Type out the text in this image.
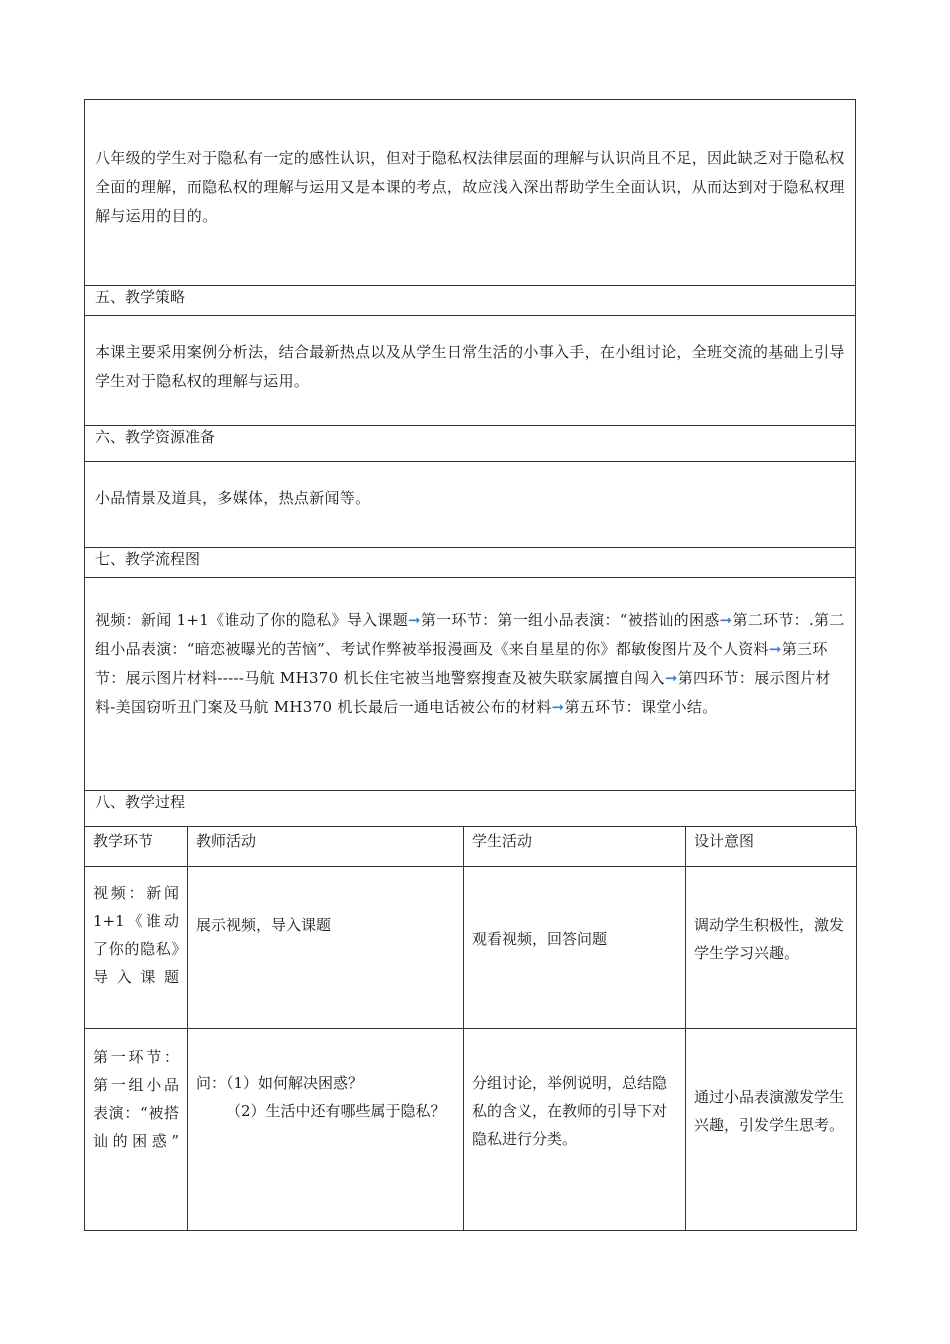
八年级的学生对于隐私有一定的感性认识，但对于隐私权法律层面的理解与认识尚且不足，因此缺乏对于隐私权全面的理解，而隐私权的理解与运用又是本课的考点，故应浅入深出帮助学生全面认识，从而达到对于隐私权理解与运用的目的。
五、教学策略
本课主要采用案例分析法，结合最新热点以及从学生日常生活的小事入手，在小组讨论，全班交流的基础上引导学生对于隐私权的理解与运用。
六、教学资源准备
小品情景及道具，多媒体，热点新闻等。
七、教学流程图
视频：新闻 1+1《谁动了你的隐私》导入课题➞第一环节：第一组小品表演：“被搭讪的困惑➞第二环节：.第二组小品表演：“暗恋被曝光的苦恼”、考试作弊被举报漫画及《来自星星的你》都敏俊图片及个人资料➞第三环节：展示图片材料-----马航 MH370 机长住宅被当地警察搜查及被失联家属擅自闯入➞第四环节：展示图片材料-美国窃听丑门案及马航 MH370 机长最后一通电话被公布的材料➞第五环节：课堂小结。
八、教学过程
教学环节	教师活动	学生活动	设计意图

视频：新闻1+1《谁动了你的隐私》导入课题	展示视频，导入课题	观看视频，回答问题	调动学生积极性，激发学生学习兴趣。

第一环节：第一组小品表演：“被搭讪的困惑”	问：（1）如何解决困惑？
（2）生活中还有哪些属于隐私？	分组讨论，举例说明，总结隐私的含义，在教师的引导下对隐私进行分类。	通过小品表演激发学生兴趣，引发学生思考。
